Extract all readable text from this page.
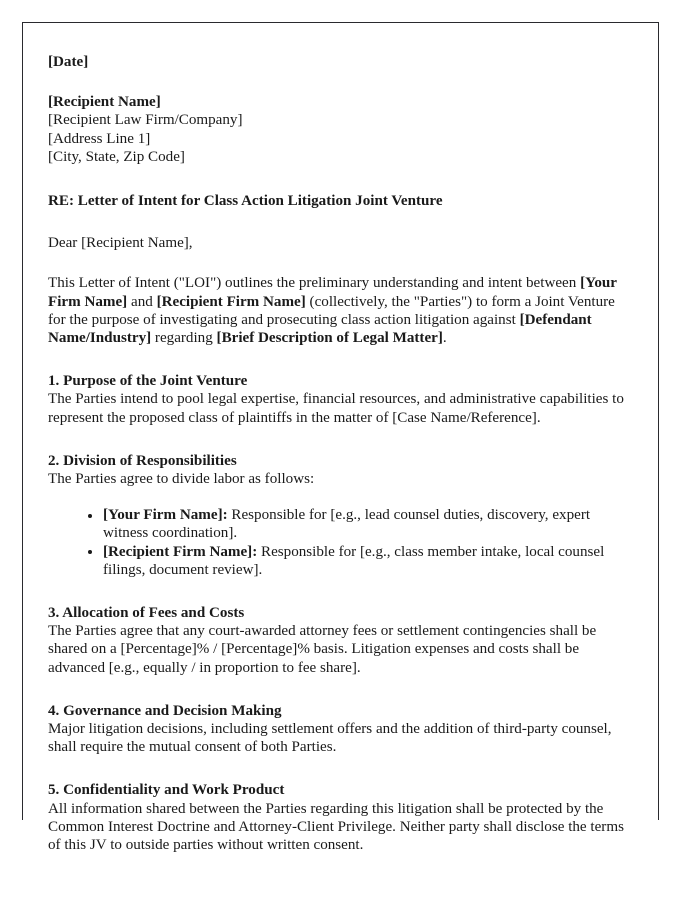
[Date]

[Recipient Name]
[Recipient Law Firm/Company]
[Address Line 1]
[City, State, Zip Code]

RE: Letter of Intent for Class Action Litigation Joint Venture

Dear [Recipient Name],

This Letter of Intent ("LOI") outlines the preliminary understanding and intent between [Your Firm Name] and [Recipient Firm Name] (collectively, the "Parties") to form a Joint Venture for the purpose of investigating and prosecuting class action litigation against [Defendant Name/Industry] regarding [Brief Description of Legal Matter].

1. Purpose of the Joint Venture

The Parties intend to pool legal expertise, financial resources, and administrative capabilities to represent the proposed class of plaintiffs in the matter of [Case Name/Reference].

2. Division of Responsibilities

The Parties agree to divide labor as follows:

[Your Firm Name]: Responsible for [e.g., lead counsel duties, discovery, expert witness coordination].
[Recipient Firm Name]: Responsible for [e.g., class member intake, local counsel filings, document review].

3. Allocation of Fees and Costs

The Parties agree that any court-awarded attorney fees or settlement contingencies shall be shared on a [Percentage]% / [Percentage]% basis. Litigation expenses and costs shall be advanced [e.g., equally / in proportion to fee share].

4. Governance and Decision Making

Major litigation decisions, including settlement offers and the addition of third-party counsel, shall require the mutual consent of both Parties.

5. Confidentiality and Work Product

All information shared between the Parties regarding this litigation shall be protected by the Common Interest Doctrine and Attorney-Client Privilege. Neither party shall disclose the terms of this JV to outside parties without written consent.
